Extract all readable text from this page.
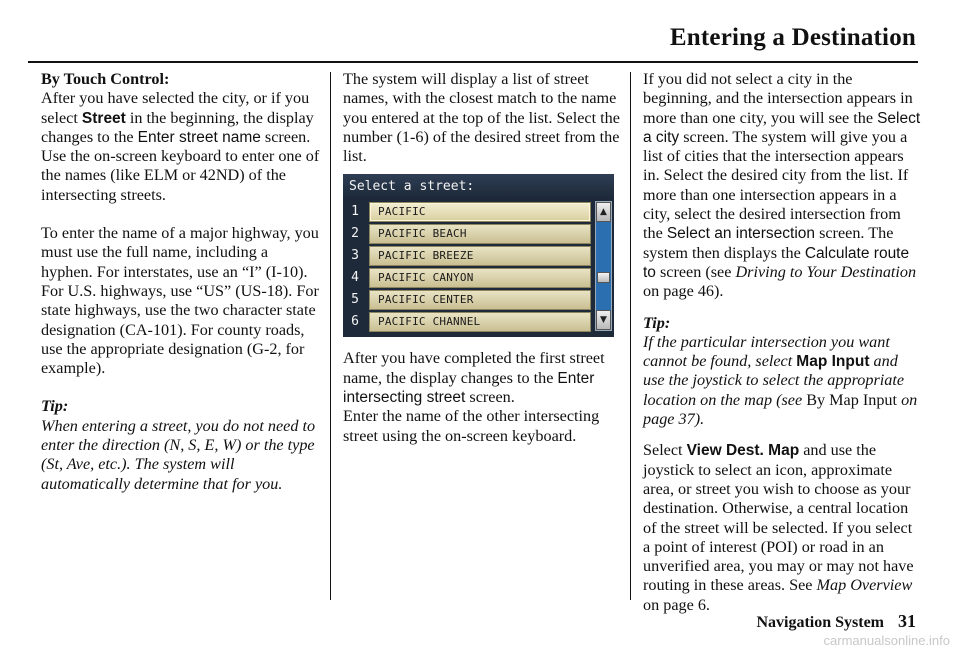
Entering a Destination
By Touch Control:

After you have selected the city, or if you select Street in the beginning, the display changes to the Enter street name screen. Use the on-screen keyboard to enter one of the names (like ELM or 42ND) of the intersecting streets.

To enter the name of a major highway, you must use the full name, including a hyphen. For interstates, use an “I” (I-10). For U.S. highways, use “US” (US-18). For state highways, use the two character state designation (CA-101). For county roads, use the appropriate designation (G-2, for example).

Tip:

When entering a street, you do not need to enter the direction (N, S, E, W) or the type (St, Ave, etc.). The system will automatically determine that for you.

The system will display a list of street names, with the closest match to the name you entered at the top of the list. Select the number (1-6) of the desired street from the list.

Select a street:
1	PACIFIC
2	PACIFIC BEACH
3	PACIFIC BREEZE
4	PACIFIC CANYON
5	PACIFIC CENTER
6	PACIFIC CHANNEL
▲
▼

After you have completed the first street name, the display changes to the Enter intersecting street screen.

Enter the name of the other intersecting street using the on-screen keyboard.

If you did not select a city in the beginning, and the intersection appears in more than one city, you will see the Select a city screen. The system will give you a list of cities that the intersection appears in. Select the desired city from the list. If more than one intersection appears in a city, select the desired intersection from the Select an intersection screen. The system then displays the Calculate route to screen (see Driving to Your Destination on page 46).

Tip:

If the particular intersection you want cannot be found, select Map Input and use the joystick to select the appropriate location on the map (see By Map Input on page 37).

Select View Dest. Map and use the joystick to select an icon, approximate area, or street you wish to choose as your destination. Otherwise, a central location of the street will be selected. If you select a point of interest (POI) or road in an unverified area, you may or may not have routing in these areas. See Map Overview on page 6.

Navigation System 31
carmanualsonline.info
